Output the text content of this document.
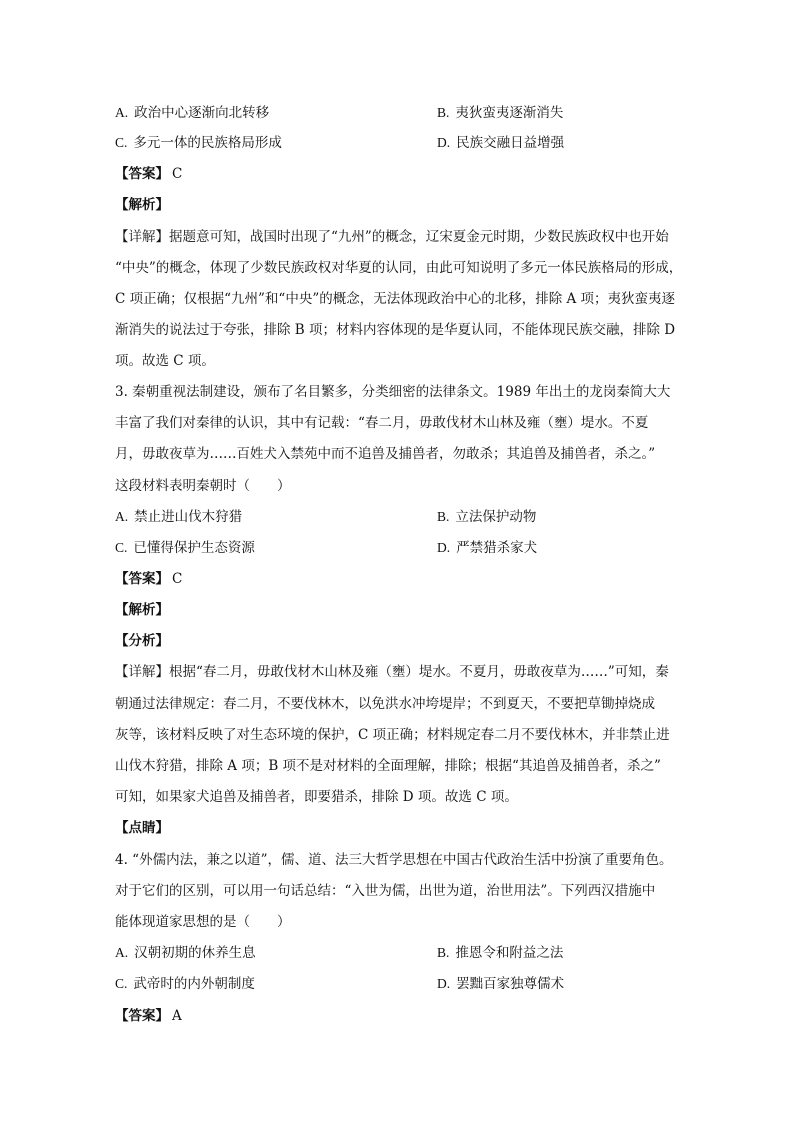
A. 政治中心逐渐向北转移	B. 夷狄蛮夷逐渐消失
C. 多元一体的民族格局形成	D. 民族交融日益增强
【答案】 C
【解析】
【详解】据题意可知，战国时出现了“九州”的概念，辽宋夏金元时期，少数民族政权中也开始
“中央”的概念，体现了少数民族政权对华夏的认同，由此可知说明了多元一体民族格局的形成，
C 项正确；仅根据“九州”和“中央”的概念，无法体现政治中心的北移，排除 A 项；夷狄蛮夷逐
渐消失的说法过于夸张，排除 B 项；材料内容体现的是华夏认同，不能体现民族交融，排除 D
项。故选 C 项。
3. 秦朝重视法制建设，颁布了名目繁多，分类细密的法律条文。1989 年出土的龙岗秦简大大
丰富了我们对秦律的认识，其中有记载：“春二月，毋敢伐材木山林及雍（壅）堤水。不夏
月，毋敢夜草为……百姓犬入禁苑中而不追兽及捕兽者，勿敢杀；其追兽及捕兽者，杀之。”
这段材料表明秦朝时（　　）
A. 禁止进山伐木狩猎	B. 立法保护动物
C. 已懂得保护生态资源	D. 严禁猎杀家犬
【答案】 C
【解析】
【分析】
【详解】根据“春二月，毋敢伐材木山林及雍（壅）堤水。不夏月，毋敢夜草为……”可知，秦
朝通过法律规定：春二月，不要伐林木，以免洪水冲垮堤岸；不到夏天，不要把草锄掉烧成
灰等，该材料反映了对生态环境的保护，C 项正确；材料规定春二月不要伐林木，并非禁止进
山伐木狩猎，排除 A 项；B 项不是对材料的全面理解，排除；根据“其追兽及捕兽者，杀之”
可知，如果家犬追兽及捕兽者，即要猎杀，排除 D 项。故选 C 项。
【点睛】
4. “外儒内法，兼之以道”，儒、道、法三大哲学思想在中国古代政治生活中扮演了重要角色。
对于它们的区别，可以用一句话总结：“入世为儒，出世为道，治世用法”。下列西汉措施中
能体现道家思想的是（　　）
A. 汉朝初期的休养生息	B. 推恩令和附益之法
C. 武帝时的内外朝制度	D. 罢黜百家独尊儒术
【答案】 A
